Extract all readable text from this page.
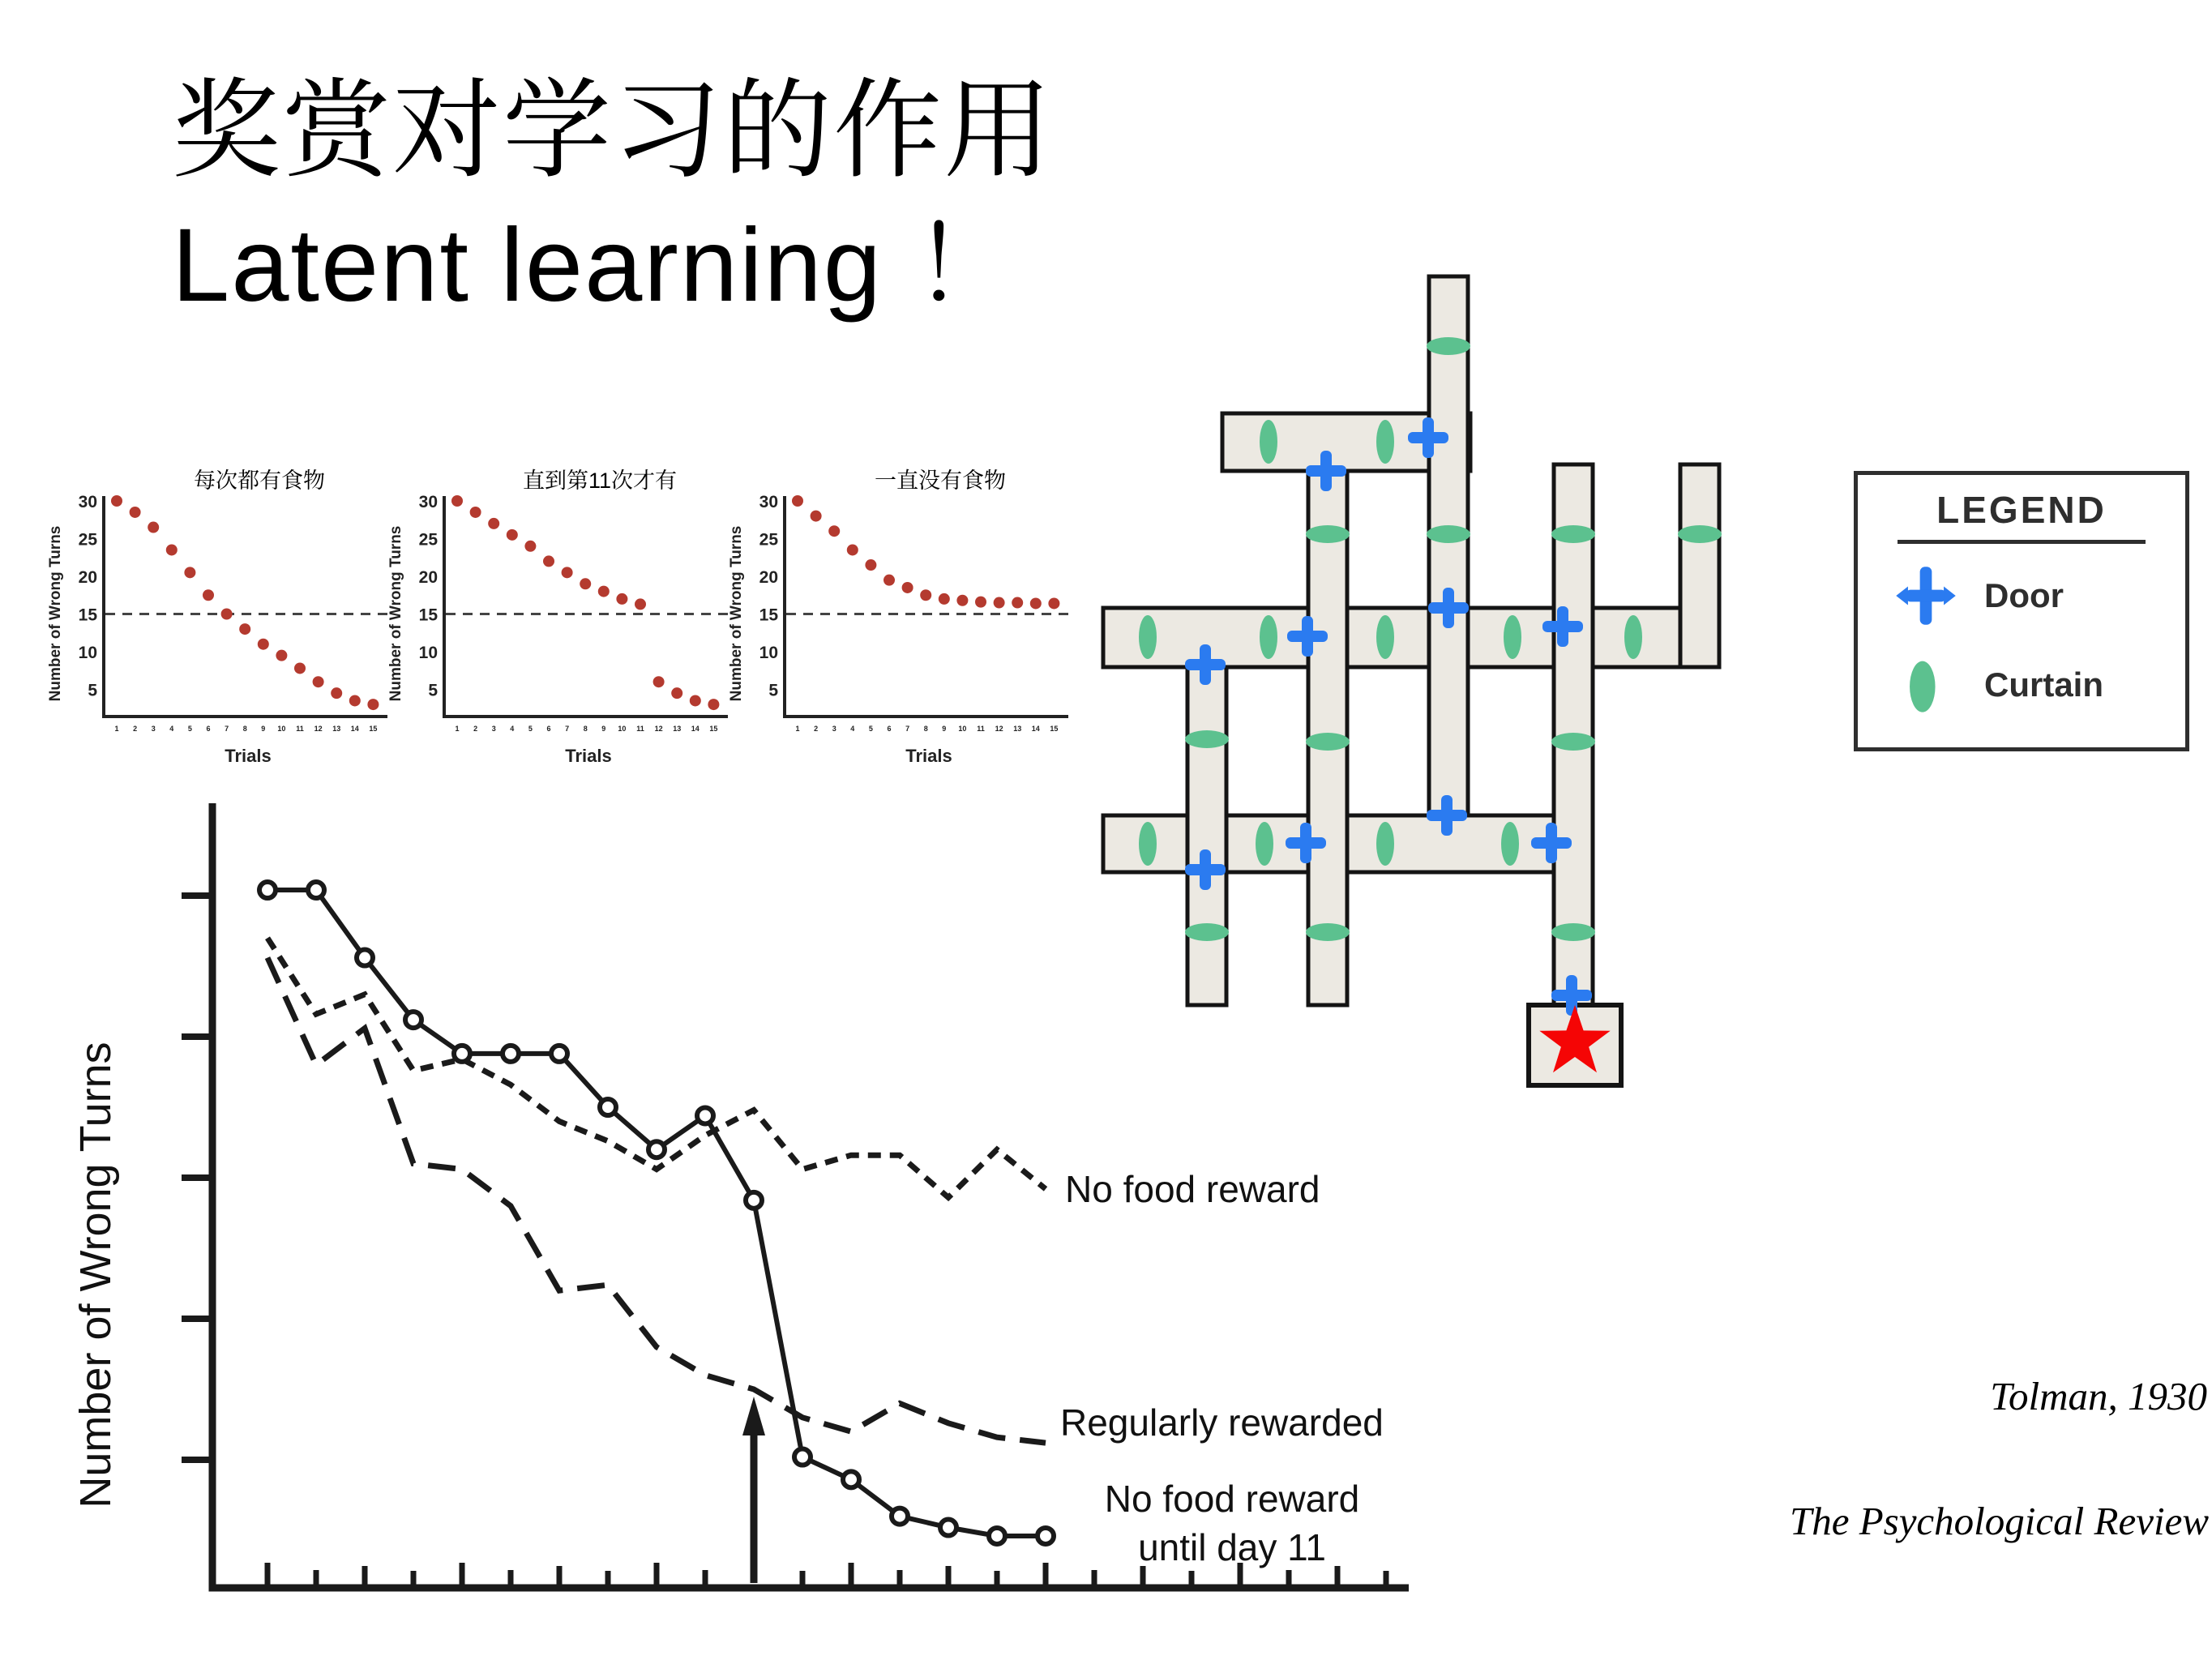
奖赏对学习的作用
Latent learning ！
Number of Wrong Turns
30
25
20
15
10
5
1 2 3 4 5 6 7 8 9 10 11 12 13 14 15
Trials
每次都有食物
Number of Wrong Turns
30
25
20
15
10
5
1 2 3 4 5 6 7 8 9 10 11 12 13 14 15
Trials
直到第11次才有
Number of Wrong Turns
30
25
20
15
10
5
1 2 3 4 5 6 7 8 9 10 11 12 13 14 15
Trials
一直没有食物
LEGEND
Door
Curtain
Number of Wrong Turns	No food reward
Regularly rewarded
No food reward
until day 11
Tolman, 1930
The Psychological Review
